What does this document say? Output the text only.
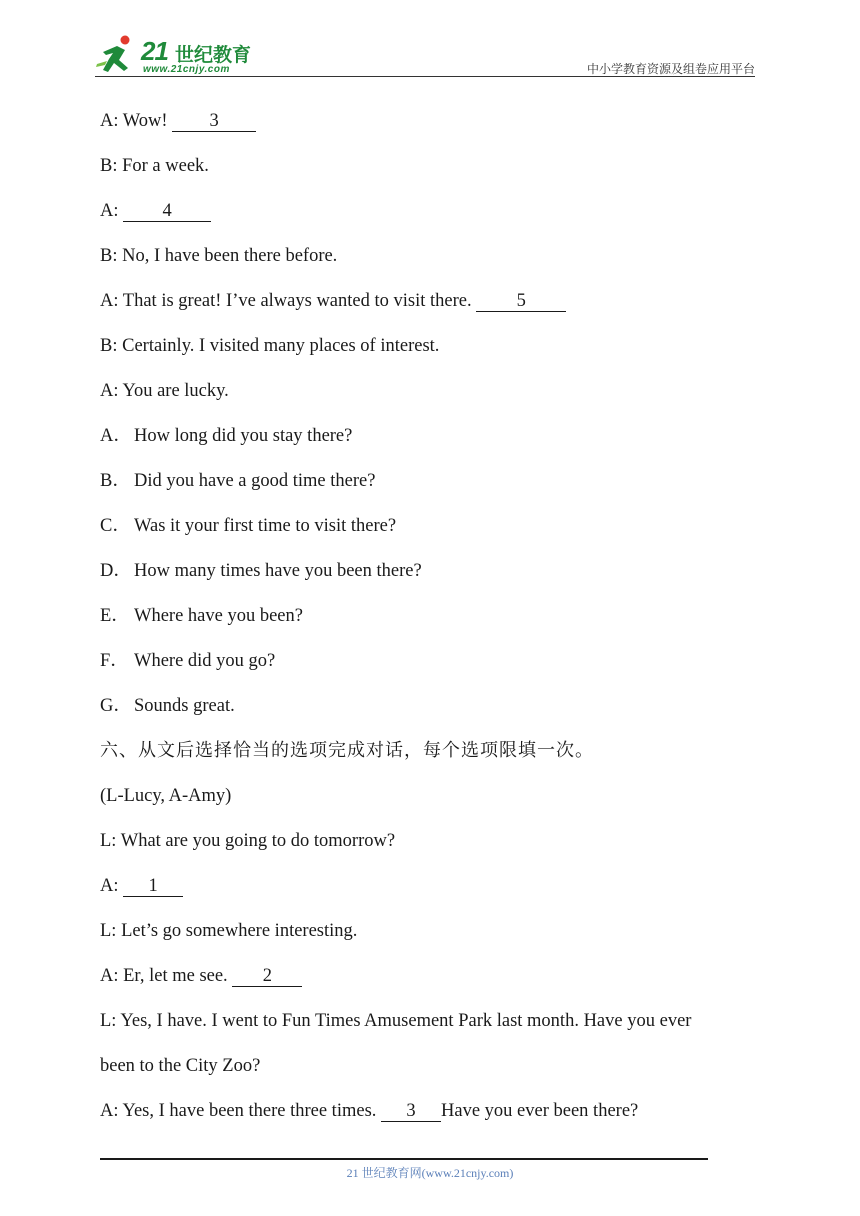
21 世纪教育
www.21cnjy.com	中小学教育资源及组卷应用平台
A: Wow! 3
B: For a week.
A: 4
B: No, I have been there before.
A: That is great! I’ve always wanted to visit there. 5
B: Certainly. I visited many places of interest.
A: You are lucky.
A． How long did you stay there?
B． Did you have a good time there?
C． Was it your first time to visit there?
D． How many times have you been there?
E． Where have you been?
F． Where did you go?
G． Sounds great.
六、从文后选择恰当的选项完成对话，每个选项限填一次。
(L-Lucy, A-Amy)
L: What are you going to do tomorrow?
A: 1
L: Let’s go somewhere interesting.
A: Er, let me see. 2
L: Yes, I have. I went to Fun Times Amusement Park last month. Have you ever
been to the City Zoo?
A: Yes, I have been there three times. 3 Have you ever been there?
21 世纪教育网(www.21cnjy.com)
